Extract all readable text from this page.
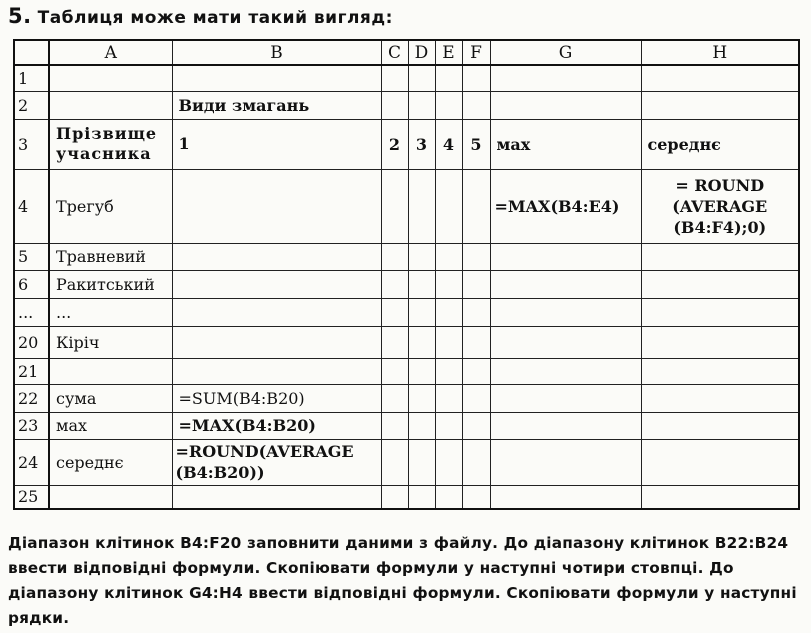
5. Таблиця може мати такий вигляд:
	A	B	C	D	E	F	G	H
1								
2		Види змагань						
3	Прізвище учасника	1	2	3	4	5	мах	середнє
4	Трегуб						=MAX(B4:E4)	= ROUND (AVERAGE (B4:F4);0)
5	Травневий							
6	Ракитський							
...	...							
20	Кіріч							
21								
22	сума	=SUM(B4:B20)						
23	мах	=MAX(B4:B20)						
24	середнє	=ROUND(AVERAGE (B4:B20))						
25								
Діапазон клітинок B4:F20 заповнити даними з файлу. До діапазону клітинок B22:B24 ввести відповідні формули. Скопіювати формули у наступні чотири стовпці. До діапазону клітинок G4:H4 ввести відповідні формули. Скопіювати формули у наступні рядки.
